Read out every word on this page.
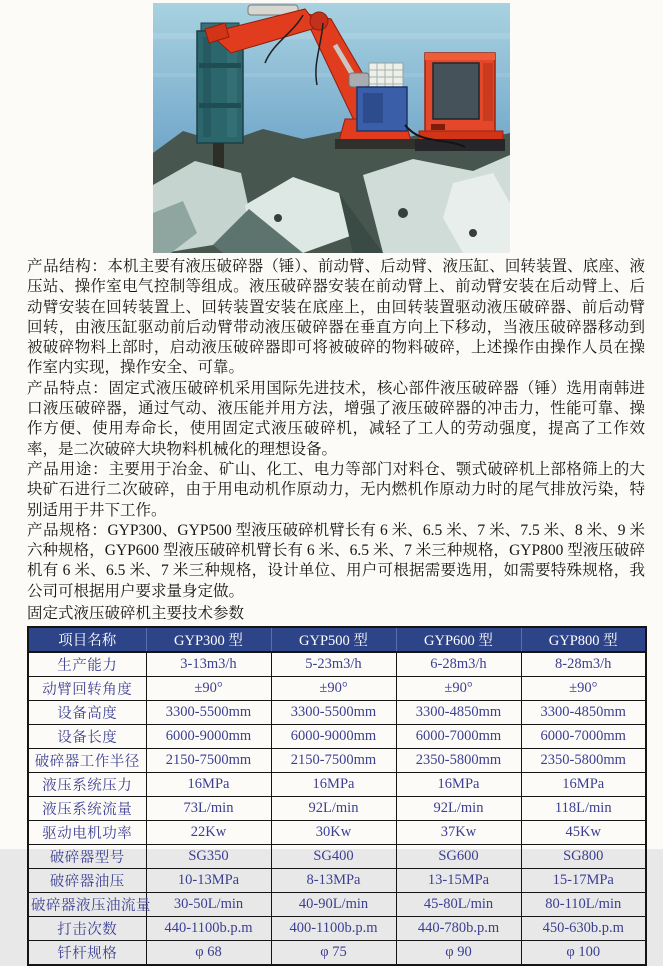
产品结构：本机主要有液压破碎器（锤）、前动臂、后动臂、液压缸、回转装置、底座、液压站、操作室电气控制等组成。液压破碎器安装在前动臂上、前动臂安装在后动臂上、后动臂安装在回转装置上、回转装置安装在底座上，由回转装置驱动液压破碎器、前后动臂回转，由液压缸驱动前后动臂带动液压破碎器在垂直方向上下移动，当液压破碎器移动到被破碎物料上部时，启动液压破碎器即可将被破碎的物料破碎，上述操作由操作人员在操作室内实现，操作安全、可靠。

产品特点：固定式液压破碎机采用国际先进技术，核心部件液压破碎器（锤）选用南韩进口液压破碎器，通过气动、液压能并用方法，增强了液压破碎器的冲击力，性能可靠、操作方便、使用寿命长，使用固定式液压破碎机，减轻了工人的劳动强度，提高了工作效率，是二次破碎大块物料机械化的理想设备。

产品用途：主要用于冶金、矿山、化工、电力等部门对料仓、颚式破碎机上部格筛上的大块矿石进行二次破碎，由于用电动机作原动力，无内燃机作原动力时的尾气排放污染，特别适用于井下工作。

产品规格：GYP300、GYP500 型液压破碎机臂长有 6 米、6.5 米、7 米、7.5 米、8 米、9 米六种规格，GYP600 型液压破碎机臂长有 6 米、6.5 米、7 米三种规格，GYP800 型液压破碎机有 6 米、6.5 米、7 米三种规格，设计单位、用户可根据需要选用，如需要特殊规格，我公司可根据用户要求量身定做。

固定式液压破碎机主要技术参数
项目名称	GYP300 型	GYP500 型	GYP600 型	GYP800 型
生产能力	3-13m3/h	5-23m3/h	6-28m3/h	8-28m3/h
动臂回转角度	±90°	±90°	±90°	±90°
设备高度	3300-5500mm	3300-5500mm	3300-4850mm	3300-4850mm
设备长度	6000-9000mm	6000-9000mm	6000-7000mm	6000-7000mm
破碎器工作半径	2150-7500mm	2150-7500mm	2350-5800mm	2350-5800mm
液压系统压力	16MPa	16MPa	16MPa	16MPa
液压系统流量	73L/min	92L/min	92L/min	118L/min
驱动电机功率	22Kw	30Kw	37Kw	45Kw
破碎器型号	SG350	SG400	SG600	SG800
破碎器油压	10-13MPa	8-13MPa	13-15MPa	15-17MPa
破碎器液压油流量	30-50L/min	40-90L/min	45-80L/min	80-110L/min
打击次数	440-1100b.p.m	400-1100b.p.m	440-780b.p.m	450-630b.p.m
钎杆规格	φ 68	φ 75	φ 90	φ 100
